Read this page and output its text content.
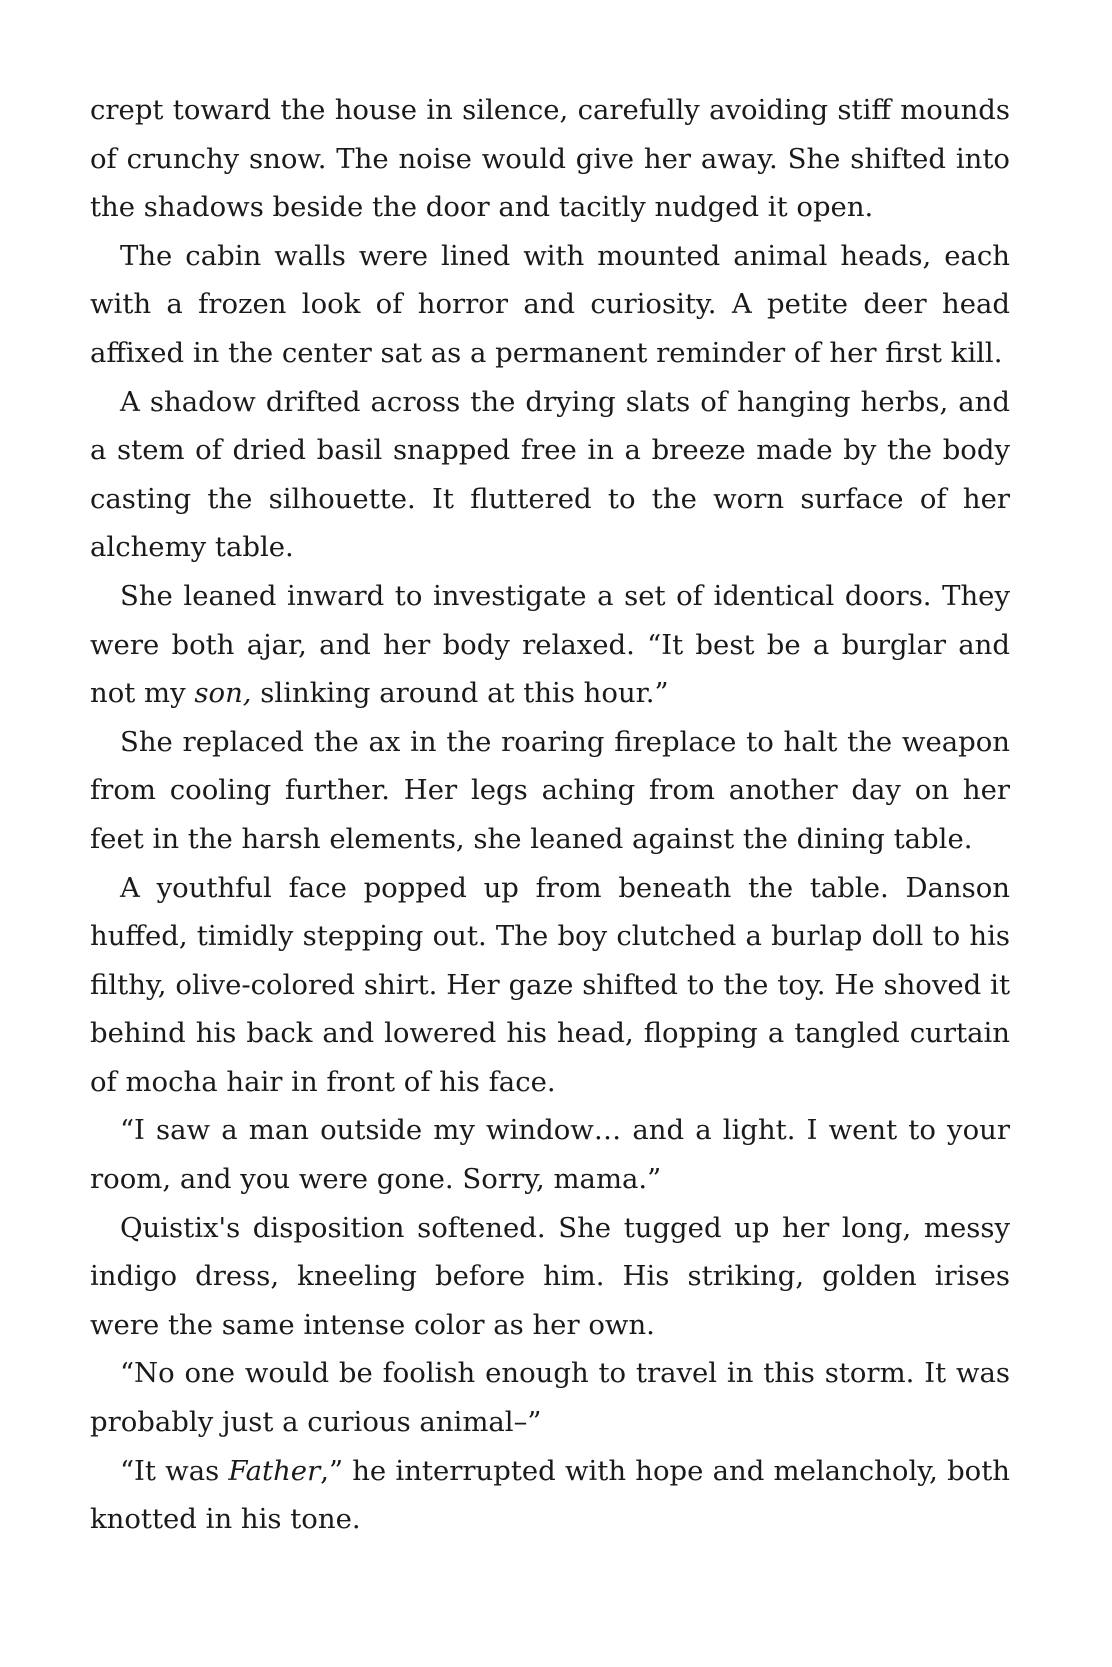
crept toward the house in silence, carefully avoiding stiff mounds of crunchy snow. The noise would give her away. She shifted into the shadows beside the door and tacitly nudged it open.

The cabin walls were lined with mounted animal heads, each with a frozen look of horror and curiosity. A petite deer head affixed in the center sat as a permanent reminder of her first kill.

A shadow drifted across the drying slats of hanging herbs, and a stem of dried basil snapped free in a breeze made by the body casting the silhouette. It fluttered to the worn surface of her alchemy table.

She leaned inward to investigate a set of identical doors. They were both ajar, and her body relaxed. “It best be a burglar and not my son, slinking around at this hour.”

She replaced the ax in the roaring fireplace to halt the weapon from cooling further. Her legs aching from another day on her feet in the harsh elements, she leaned against the dining table.

A youthful face popped up from beneath the table. Danson huffed, timidly stepping out. The boy clutched a burlap doll to his filthy, olive-colored shirt. Her gaze shifted to the toy. He shoved it behind his back and lowered his head, flopping a tangled curtain of mocha hair in front of his face.

“I saw a man outside my window… and a light. I went to your room, and you were gone. Sorry, mama.”

Quistix's disposition softened. She tugged up her long, messy indigo dress, kneeling before him. His striking, golden irises were the same intense color as her own.

“No one would be foolish enough to travel in this storm. It was probably just a curious animal–”

“It was Father,” he interrupted with hope and melancholy, both knotted in his tone.
